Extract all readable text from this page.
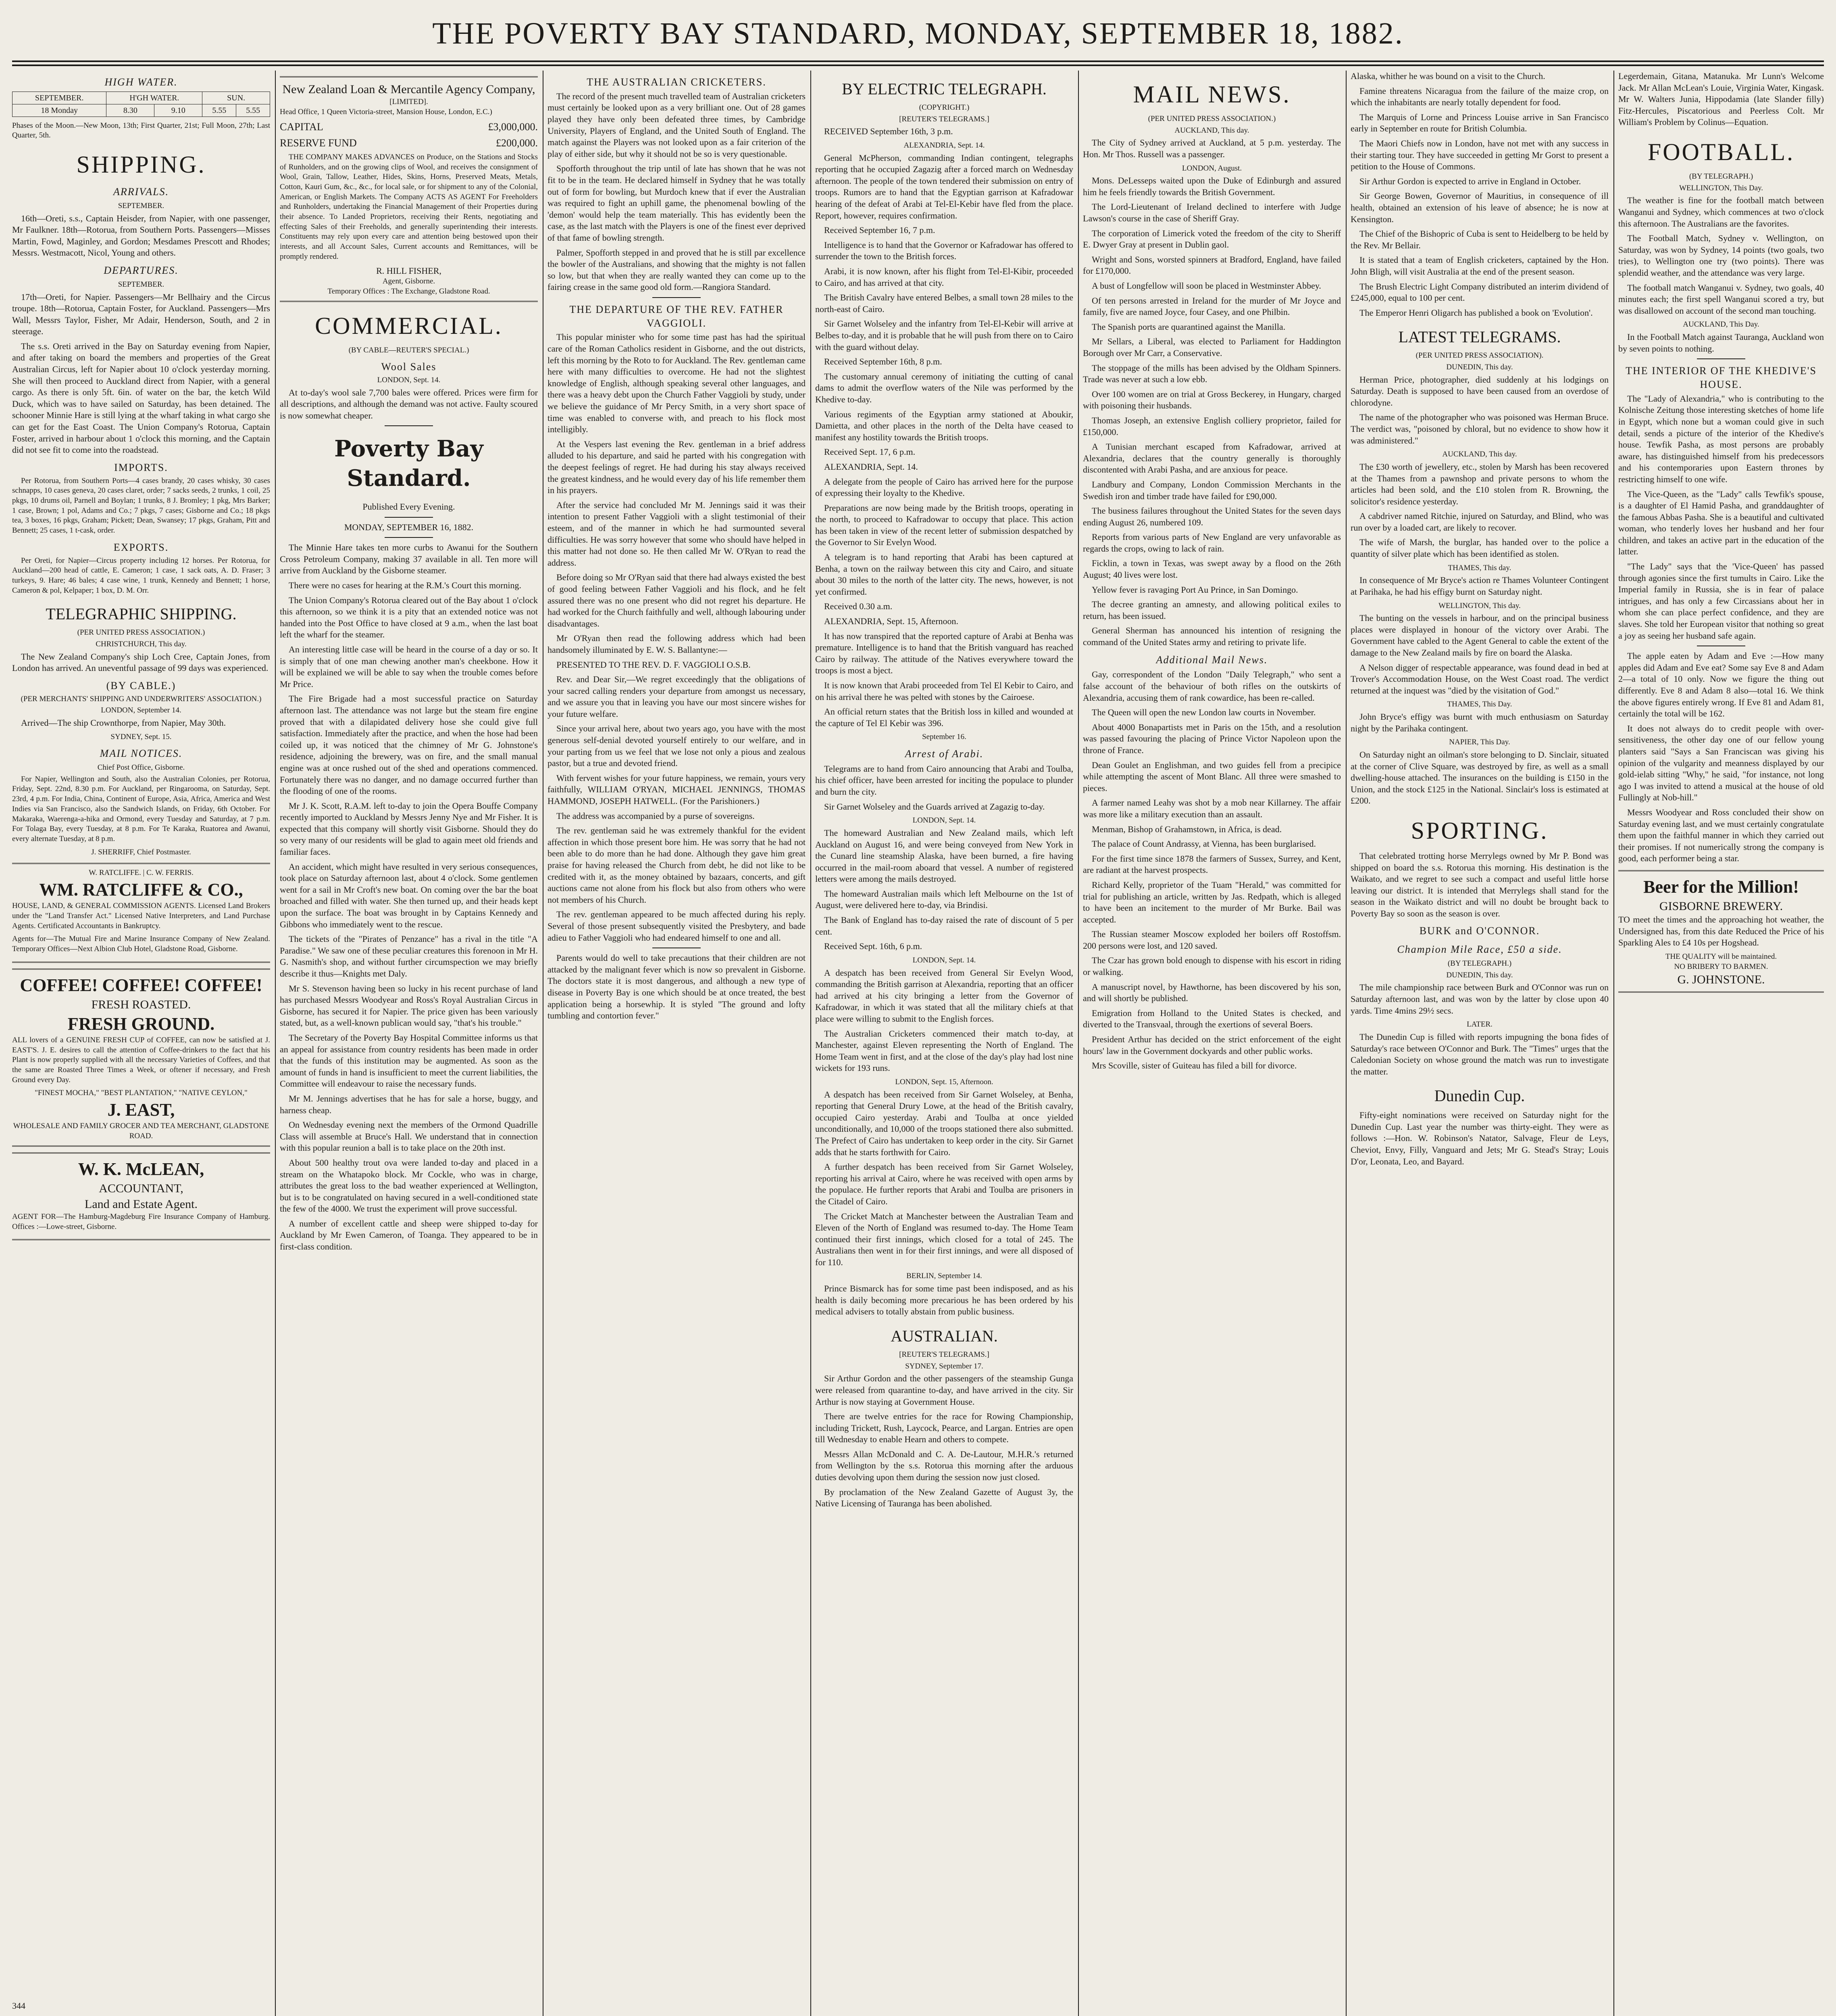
THE POVERTY BAY STANDARD, MONDAY, SEPTEMBER 18, 1882.
HIGH WATER.
SEPTEMBER.	H'GH WATER.		SUN.	
18 Monday	8.30	9.10	5.55	5.55

Phases of the Moon.—New Moon, 13th; First Quarter, 21st; Full Moon, 27th; Last Quarter, 5th.

SHIPPING.
ARRIVALS.
SEPTEMBER.

16th—Oreti, s.s., Captain Heisder, from Napier, with one passenger, Mr Faulkner. 18th—Rotorua, from Southern Ports. Passengers—Misses Martin, Fowd, Maginley, and Gordon; Mesdames Prescott and Rhodes; Messrs. Westmacott, Nicol, Young and others.

DEPARTURES.
SEPTEMBER.

17th—Oreti, for Napier. Passengers—Mr Bellhairy and the Circus troupe. 18th—Rotorua, Captain Foster, for Auckland. Passengers—Mrs Wall, Messrs Taylor, Fisher, Mr Adair, Henderson, South, and 2 in steerage.

The s.s. Oreti arrived in the Bay on Saturday evening from Napier, and after taking on board the members and properties of the Great Australian Circus, left for Napier about 10 o'clock yesterday morning. She will then proceed to Auckland direct from Napier, with a general cargo. As there is only 5ft. 6in. of water on the bar, the ketch Wild Duck, which was to have sailed on Saturday, has been detained. The schooner Minnie Hare is still lying at the wharf taking in what cargo she can get for the East Coast. The Union Company's Rotorua, Captain Foster, arrived in harbour about 1 o'clock this morning, and the Captain did not see fit to come into the roadstead.

IMPORTS.

Per Rotorua, from Southern Ports—4 cases brandy, 20 cases whisky, 30 cases schnapps, 10 cases geneva, 20 cases claret, order; 7 sacks seeds, 2 trunks, 1 coil, 25 pkgs, 10 drums oil, Parnell and Boylan; 1 trunks, 8 J. Bromley; 1 pkg, Mrs Barker; 1 case, Brown; 1 pol, Adams and Co.; 7 pkgs, 7 cases; Gisborne and Co.; 18 pkgs tea, 3 boxes, 16 pkgs, Graham; Pickett; Dean, Swansey; 17 pkgs, Graham, Pitt and Bennett; 25 cases, 1 t-cask, order.

EXPORTS.

Per Oreti, for Napier—Circus property including 12 horses. Per Rotorua, for Auckland—200 head of cattle, E. Cameron; 1 case, 1 sack oats, A. D. Fraser; 3 turkeys, 9. Hare; 46 bales; 4 case wine, 1 trunk, Kennedy and Bennett; 1 horse, Cameron & pol, Kelpaper; 1 box, D. M. Orr.

TELEGRAPHIC SHIPPING.
(PER UNITED PRESS ASSOCIATION.)
CHRISTCHURCH, This day.

The New Zealand Company's ship Loch Cree, Captain Jones, from London has arrived. An uneventful passage of 99 days was experienced.

(BY CABLE.)
(PER MERCHANTS' SHIPPING AND UNDERWRITERS' ASSOCIATION.)
LONDON, September 14.

Arrived—The ship Crownthorpe, from Napier, May 30th.

SYDNEY, Sept. 15.
MAIL NOTICES.
Chief Post Office, Gisborne.

For Napier, Wellington and South, also the Australian Colonies, per Rotorua, Friday, Sept. 22nd, 8.30 p.m. For Auckland, per Ringarooma, on Saturday, Sept. 23rd, 4 p.m. For India, China, Continent of Europe, Asia, Africa, America and West Indies via San Francisco, also the Sandwich Islands, on Friday, 6th October. For Makaraka, Waerenga-a-hika and Ormond, every Tuesday and Saturday, at 7 p.m. For Tolaga Bay, every Tuesday, at 8 p.m. For Te Karaka, Ruatorea and Awanui, every alternate Tuesday, at 8 p.m.

J. SHERRIFF, Chief Postmaster.
W. RATCLIFFE. | C. W. FERRIS.
WM. RATCLIFFE & CO.,

HOUSE, LAND, & GENERAL COMMISSION AGENTS. Licensed Land Brokers under the "Land Transfer Act." Licensed Native Interpreters, and Land Purchase Agents. Certificated Accountants in Bankruptcy.

Agents for—The Mutual Fire and Marine Insurance Company of New Zealand. Temporary Offices—Next Albion Club Hotel, Gladstone Road, Gisborne.

COFFEE! COFFEE! COFFEE!
FRESH ROASTED.
FRESH GROUND.

ALL lovers of a GENUINE FRESH CUP of COFFEE, can now be satisfied at J. EAST'S. J. E. desires to call the attention of Coffee-drinkers to the fact that his Plant is now properly supplied with all the necessary Varieties of Coffees, and that the same are Roasted Three Times a Week, or oftener if necessary, and Fresh Ground every Day.

"FINEST MOCHA," "BEST PLANTATION," "NATIVE CEYLON,"
J. EAST,
WHOLESALE AND FAMILY GROCER AND TEA MERCHANT, GLADSTONE ROAD.
W. K. McLEAN,
ACCOUNTANT,
Land and Estate Agent.

AGENT FOR—The Hamburg-Magdeburg Fire Insurance Company of Hamburg. Offices :—Lowe-street, Gisborne.

New Zealand Loan & Mercantile Agency Company,
[LIMITED].

Head Office, 1 Queen Victoria-street, Mansion House, London, E.C.)

CAPITAL	£3,000,000.
RESERVE FUND	£200,000.

THE COMPANY MAKES ADVANCES on Produce, on the Stations and Stocks of Runholders, and on the growing clips of Wool, and receives the consignment of Wool, Grain, Tallow, Leather, Hides, Skins, Horns, Preserved Meats, Metals, Cotton, Kauri Gum, &c., &c., for local sale, or for shipment to any of the Colonial, American, or English Markets. The Company ACTS AS AGENT For Freeholders and Runholders, undertaking the Financial Management of their Properties during their absence. To Landed Proprietors, receiving their Rents, negotiating and effecting Sales of their Freeholds, and generally superintending their interests. Constituents may rely upon every care and attention being bestowed upon their interests, and all Account Sales, Current accounts and Remittances, will be promptly rendered.

R. HILL FISHER,
Agent, Gisborne.
Temporary Offices : The Exchange, Gladstone Road.
COMMERCIAL.
(BY CABLE—REUTER'S SPECIAL.)
Wool Sales
LONDON, Sept. 14.

At to-day's wool sale 7,700 bales were offered. Prices were firm for all descriptions, and although the demand was not active. Faulty scoured is now somewhat cheaper.

Poverty Bay Standard.
Published Every Evening.
MONDAY, SEPTEMBER 16, 1882.

The Minnie Hare takes ten more curbs to Awanui for the Southern Cross Petroleum Company, making 37 available in all. Ten more will arrive from Auckland by the Gisborne steamer.

There were no cases for hearing at the R.M.'s Court this morning.

The Union Company's Rotorua cleared out of the Bay about 1 o'clock this afternoon, so we think it is a pity that an extended notice was not handed into the Post Office to have closed at 9 a.m., when the last boat left the wharf for the steamer.

An interesting little case will be heard in the course of a day or so. It is simply that of one man chewing another man's cheekbone. How it will be explained we will be able to say when the trouble comes before Mr Price.

The Fire Brigade had a most successful practice on Saturday afternoon last. The attendance was not large but the steam fire engine proved that with a dilapidated delivery hose she could give full satisfaction. Immediately after the practice, and when the hose had been coiled up, it was noticed that the chimney of Mr G. Johnstone's residence, adjoining the brewery, was on fire, and the small manual engine was at once rushed out of the shed and operations commenced. Fortunately there was no danger, and no damage occurred further than the flooding of one of the rooms.

Mr J. K. Scott, R.A.M. left to-day to join the Opera Bouffe Company recently imported to Auckland by Messrs Jenny Nye and Mr Fisher. It is expected that this company will shortly visit Gisborne. Should they do so very many of our residents will be glad to again meet old friends and familiar faces.

An accident, which might have resulted in very serious consequences, took place on Saturday afternoon last, about 4 o'clock. Some gentlemen went for a sail in Mr Croft's new boat. On coming over the bar the boat broached and filled with water. She then turned up, and their heads kept upon the surface. The boat was brought in by Captains Kennedy and Gibbons who immediately went to the rescue.

The tickets of the "Pirates of Penzance" has a rival in the title "A Paradise." We saw one of these peculiar creatures this forenoon in Mr H. G. Nasmith's shop, and without further circumspection we may briefly describe it thus—Knights met Daly.

Mr S. Stevenson having been so lucky in his recent purchase of land has purchased Messrs Woodyear and Ross's Royal Australian Circus in Gisborne, has secured it for Napier. The price given has been variously stated, but, as a well-known publican would say, "that's his trouble."

The Secretary of the Poverty Bay Hospital Committee informs us that an appeal for assistance from country residents has been made in order that the funds of this institution may be augmented. As soon as the amount of funds in hand is insufficient to meet the current liabilities, the Committee will endeavour to raise the necessary funds.

Mr M. Jennings advertises that he has for sale a horse, buggy, and harness cheap.

On Wednesday evening next the members of the Ormond Quadrille Class will assemble at Bruce's Hall. We understand that in connection with this popular reunion a ball is to take place on the 20th inst.

About 500 healthy trout ova were landed to-day and placed in a stream on the Whatapoko block. Mr Cockle, who was in charge, attributes the great loss to the bad weather experienced at Wellington, but is to be congratulated on having secured in a well-conditioned state the few of the 4000. We trust the experiment will prove successful.

A number of excellent cattle and sheep were shipped to-day for Auckland by Mr Ewen Cameron, of Toanga. They appeared to be in first-class condition.

THE AUSTRALIAN CRICKETERS.

The record of the present much travelled team of Australian cricketers must certainly be looked upon as a very brilliant one. Out of 28 games played they have only been defeated three times, by Cambridge University, Players of England, and the United South of England. The match against the Players was not looked upon as a fair criterion of the play of either side, but why it should not be so is very questionable.

Spofforth throughout the trip until of late has shown that he was not fit to be in the team. He declared himself in Sydney that he was totally out of form for bowling, but Murdoch knew that if ever the Australian was required to fight an uphill game, the phenomenal bowling of the 'demon' would help the team materially. This has evidently been the case, as the last match with the Players is one of the finest ever deprived of that fame of bowling strength.

Palmer, Spofforth stepped in and proved that he is still par excellence the bowler of the Australians, and showing that the mighty is not fallen so low, but that when they are really wanted they can come up to the fairing crease in the same good old form.—Rangiora Standard.

THE DEPARTURE OF THE REV. FATHER VAGGIOLI.

This popular minister who for some time past has had the spiritual care of the Roman Catholics resident in Gisborne, and the out districts, left this morning by the Roto to for Auckland. The Rev. gentleman came here with many difficulties to overcome. He had not the slightest knowledge of English, although speaking several other languages, and there was a heavy debt upon the Church Father Vaggioli by study, under we believe the guidance of Mr Percy Smith, in a very short space of time was enabled to converse with, and preach to his flock most intelligibly.

At the Vespers last evening the Rev. gentleman in a brief address alluded to his departure, and said he parted with his congregation with the deepest feelings of regret. He had during his stay always received the greatest kindness, and he would every day of his life remember them in his prayers.

After the service had concluded Mr M. Jennings said it was their intention to present Father Vaggioli with a slight testimonial of their esteem, and of the manner in which he had surmounted several difficulties. He was sorry however that some who should have helped in this matter had not done so. He then called Mr W. O'Ryan to read the address.

Before doing so Mr O'Ryan said that there had always existed the best of good feeling between Father Vaggioli and his flock, and he felt assured there was no one present who did not regret his departure. He had worked for the Church faithfully and well, although labouring under disadvantages.

Mr O'Ryan then read the following address which had been handsomely illuminated by E. W. S. Ballantyne:—

PRESENTED TO THE REV. D. F. VAGGIOLI O.S.B.

Rev. and Dear Sir,—We regret exceedingly that the obligations of your sacred calling renders your departure from amongst us necessary, and we assure you that in leaving you have our most sincere wishes for your future welfare.

Since your arrival here, about two years ago, you have with the most generous self-denial devoted yourself entirely to our welfare, and in your parting from us we feel that we lose not only a pious and zealous pastor, but a true and devoted friend.

With fervent wishes for your future happiness, we remain, yours very faithfully, WILLIAM O'RYAN, MICHAEL JENNINGS, THOMAS HAMMOND, JOSEPH HATWELL. (For the Parishioners.)

The address was accompanied by a purse of sovereigns.

The rev. gentleman said he was extremely thankful for the evident affection in which those present bore him. He was sorry that he had not been able to do more than he had done. Although they gave him great praise for having released the Church from debt, he did not like to be credited with it, as the money obtained by bazaars, concerts, and gift auctions came not alone from his flock but also from others who were not members of his Church.

The rev. gentleman appeared to be much affected during his reply. Several of those present subsequently visited the Presbytery, and bade adieu to Father Vaggioli who had endeared himself to one and all.

Parents would do well to take precautions that their children are not attacked by the malignant fever which is now so prevalent in Gisborne. The doctors state it is most dangerous, and although a new type of disease in Poverty Bay is one which should be at once treated, the best application being a horsewhip. It is styled "The ground and lofty tumbling and contortion fever."

BY ELECTRIC TELEGRAPH.
(COPYRIGHT.)
[REUTER'S TELEGRAMS.]

RECEIVED September 16th, 3 p.m.

ALEXANDRIA, Sept. 14.

General McPherson, commanding Indian contingent, telegraphs reporting that he occupied Zagazig after a forced march on Wednesday afternoon. The people of the town tendered their submission on entry of troops. Rumors are to hand that the Egyptian garrison at Kafradowar hearing of the defeat of Arabi at Tel-El-Kebir have fled from the place. Report, however, requires confirmation.

Received September 16, 7 p.m.

Intelligence is to hand that the Governor or Kafradowar has offered to surrender the town to the British forces.

Arabi, it is now known, after his flight from Tel-El-Kibir, proceeded to Cairo, and has arrived at that city.

The British Cavalry have entered Belbes, a small town 28 miles to the north-east of Cairo.

Sir Garnet Wolseley and the infantry from Tel-El-Kebir will arrive at Belbes to-day, and it is probable that he will push from there on to Cairo with the guard without delay.

Received September 16th, 8 p.m.

The customary annual ceremony of initiating the cutting of canal dams to admit the overflow waters of the Nile was performed by the Khedive to-day.

Various regiments of the Egyptian army stationed at Aboukir, Damietta, and other places in the north of the Delta have ceased to manifest any hostility towards the British troops.

Received Sept. 17, 6 p.m.

ALEXANDRIA, Sept. 14.

A delegate from the people of Cairo has arrived here for the purpose of expressing their loyalty to the Khedive.

Preparations are now being made by the British troops, operating in the north, to proceed to Kafradowar to occupy that place. This action has been taken in view of the recent letter of submission despatched by the Governor to Sir Evelyn Wood.

A telegram is to hand reporting that Arabi has been captured at Benha, a town on the railway between this city and Cairo, and situate about 30 miles to the north of the latter city. The news, however, is not yet confirmed.

Received 0.30 a.m.

ALEXANDRIA, Sept. 15, Afternoon.

It has now transpired that the reported capture of Arabi at Benha was premature. Intelligence is to hand that the British vanguard has reached Cairo by railway. The attitude of the Natives everywhere toward the troops is most a bject.

It is now known that Arabi proceeded from Tel El Kebir to Cairo, and on his arrival there he was pelted with stones by the Cairoese.

An official return states that the British loss in killed and wounded at the capture of Tel El Kebir was 396.

September 16.
Arrest of Arabi.

Telegrams are to hand from Cairo announcing that Arabi and Toulba, his chief officer, have been arrested for inciting the populace to plunder and burn the city.

Sir Garnet Wolseley and the Guards arrived at Zagazig to-day.

LONDON, Sept. 14.

The homeward Australian and New Zealand mails, which left Auckland on August 16, and were being conveyed from New York in the Cunard line steamship Alaska, have been burned, a fire having occurred in the mail-room aboard that vessel. A number of registered letters were among the mails destroyed.

The homeward Australian mails which left Melbourne on the 1st of August, were delivered here to-day, via Brindisi.

The Bank of England has to-day raised the rate of discount of 5 per cent.

Received Sept. 16th, 6 p.m.

LONDON, Sept. 14.

A despatch has been received from General Sir Evelyn Wood, commanding the British garrison at Alexandria, reporting that an officer had arrived at his city bringing a letter from the Governor of Kafradowar, in which it was stated that all the military chiefs at that place were willing to submit to the English forces.

The Australian Cricketers commenced their match to-day, at Manchester, against Eleven representing the North of England. The Home Team went in first, and at the close of the day's play had lost nine wickets for 193 runs.

LONDON, Sept. 15, Afternoon.

A despatch has been received from Sir Garnet Wolseley, at Benha, reporting that General Drury Lowe, at the head of the British cavalry, occupied Cairo yesterday. Arabi and Toulba at once yielded unconditionally, and 10,000 of the troops stationed there also submitted. The Prefect of Cairo has undertaken to keep order in the city. Sir Garnet adds that he starts forthwith for Cairo.

A further despatch has been received from Sir Garnet Wolseley, reporting his arrival at Cairo, where he was received with open arms by the populace. He further reports that Arabi and Toulba are prisoners in the Citadel of Cairo.

The Cricket Match at Manchester between the Australian Team and Eleven of the North of England was resumed to-day. The Home Team continued their first innings, which closed for a total of 245. The Australians then went in for their first innings, and were all disposed of for 110.

BERLIN, September 14.

Prince Bismarck has for some time past been indisposed, and as his health is daily becoming more precarious he has been ordered by his medical advisers to totally abstain from public business.

AUSTRALIAN.
[REUTER'S TELEGRAMS.]
SYDNEY, September 17.

Sir Arthur Gordon and the other passengers of the steamship Gunga were released from quarantine to-day, and have arrived in the city. Sir Arthur is now staying at Government House.

There are twelve entries for the race for Rowing Championship, including Trickett, Rush, Laycock, Pearce, and Largan. Entries are open till Wednesday to enable Hearn and others to compete.

Messrs Allan McDonald and C. A. De-Lautour, M.H.R.'s returned from Wellington by the s.s. Rotorua this morning after the arduous duties devolving upon them during the session now just closed.

By proclamation of the New Zealand Gazette of August 3y, the Native Licensing of Tauranga has been abolished.

MAIL NEWS.
(PER UNITED PRESS ASSOCIATION.)
AUCKLAND, This day.

The City of Sydney arrived at Auckland, at 5 p.m. yesterday. The Hon. Mr Thos. Russell was a passenger.

LONDON, August.

Mons. DeLesseps waited upon the Duke of Edinburgh and assured him he feels friendly towards the British Government.

The Lord-Lieutenant of Ireland declined to interfere with Judge Lawson's course in the case of Sheriff Gray.

The corporation of Limerick voted the freedom of the city to Sheriff E. Dwyer Gray at present in Dublin gaol.

Wright and Sons, worsted spinners at Bradford, England, have failed for £170,000.

A bust of Longfellow will soon be placed in Westminster Abbey.

Of ten persons arrested in Ireland for the murder of Mr Joyce and family, five are named Joyce, four Casey, and one Philbin.

The Spanish ports are quarantined against the Manilla.

Mr Sellars, a Liberal, was elected to Parliament for Haddington Borough over Mr Carr, a Conservative.

The stoppage of the mills has been advised by the Oldham Spinners. Trade was never at such a low ebb.

Over 100 women are on trial at Gross Beckerey, in Hungary, charged with poisoning their husbands.

Thomas Joseph, an extensive English colliery proprietor, failed for £150,000.

A Tunisian merchant escaped from Kafradowar, arrived at Alexandria, declares that the country generally is thoroughly discontented with Arabi Pasha, and are anxious for peace.

Landbury and Company, London Commission Merchants in the Swedish iron and timber trade have failed for £90,000.

The business failures throughout the United States for the seven days ending August 26, numbered 109.

Reports from various parts of New England are very unfavorable as regards the crops, owing to lack of rain.

Ficklin, a town in Texas, was swept away by a flood on the 26th August; 40 lives were lost.

Yellow fever is ravaging Port Au Prince, in San Domingo.

The decree granting an amnesty, and allowing political exiles to return, has been issued.

General Sherman has announced his intention of resigning the command of the United States army and retiring to private life.

Additional Mail News.

Gay, correspondent of the London "Daily Telegraph," who sent a false account of the behaviour of both rifles on the outskirts of Alexandria, accusing them of rank cowardice, has been re-called.

The Queen will open the new London law courts in November.

About 4000 Bonapartists met in Paris on the 15th, and a resolution was passed favouring the placing of Prince Victor Napoleon upon the throne of France.

Dean Goulet an Englishman, and two guides fell from a precipice while attempting the ascent of Mont Blanc. All three were smashed to pieces.

A farmer named Leahy was shot by a mob near Killarney. The affair was more like a military execution than an assault.

Menman, Bishop of Grahamstown, in Africa, is dead.

The palace of Count Andrassy, at Vienna, has been burglarised.

For the first time since 1878 the farmers of Sussex, Surrey, and Kent, are radiant at the harvest prospects.

Richard Kelly, proprietor of the Tuam "Herald," was committed for trial for publishing an article, written by Jas. Redpath, which is alleged to have been an incitement to the murder of Mr Burke. Bail was accepted.

The Russian steamer Moscow exploded her boilers off Rostoffsm. 200 persons were lost, and 120 saved.

The Czar has grown bold enough to dispense with his escort in riding or walking.

A manuscript novel, by Hawthorne, has been discovered by his son, and will shortly be published.

Emigration from Holland to the United States is checked, and diverted to the Transvaal, through the exertions of several Boers.

President Arthur has decided on the strict enforcement of the eight hours' law in the Government dockyards and other public works.

Mrs Scoville, sister of Guiteau has filed a bill for divorce.

Alaska, whither he was bound on a visit to the Church.

Famine threatens Nicaragua from the failure of the maize crop, on which the inhabitants are nearly totally dependent for food.

The Marquis of Lorne and Princess Louise arrive in San Francisco early in September en route for British Columbia.

The Maori Chiefs now in London, have not met with any success in their starting tour. They have succeeded in getting Mr Gorst to present a petition to the House of Commons.

Sir Arthur Gordon is expected to arrive in England in October.

Sir George Bowen, Governor of Mauritius, in consequence of ill health, obtained an extension of his leave of absence; he is now at Kensington.

The Chief of the Bishopric of Cuba is sent to Heidelberg to be held by the Rev. Mr Bellair.

It is stated that a team of English cricketers, captained by the Hon. John Bligh, will visit Australia at the end of the present season.

The Brush Electric Light Company distributed an interim dividend of £245,000, equal to 100 per cent.

The Emperor Henri Oligarch has published a book on 'Evolution'.

LATEST TELEGRAMS.
(PER UNITED PRESS ASSOCIATION).
DUNEDIN, This day.

Herman Price, photographer, died suddenly at his lodgings on Saturday. Death is supposed to have been caused from an overdose of chlorodyne.

The name of the photographer who was poisoned was Herman Bruce. The verdict was, "poisoned by chloral, but no evidence to show how it was administered."

AUCKLAND, This day.

The £30 worth of jewellery, etc., stolen by Marsh has been recovered at the Thames from a pawnshop and private persons to whom the articles had been sold, and the £10 stolen from R. Browning, the solicitor's residence yesterday.

A cabdriver named Ritchie, injured on Saturday, and Blind, who was run over by a loaded cart, are likely to recover.

The wife of Marsh, the burglar, has handed over to the police a quantity of silver plate which has been identified as stolen.

THAMES, This day.

In consequence of Mr Bryce's action re Thames Volunteer Contingent at Parihaka, he had his effigy burnt on Saturday night.

WELLINGTON, This day.

The bunting on the vessels in harbour, and on the principal business places were displayed in honour of the victory over Arabi. The Government have cabled to the Agent General to cable the extent of the damage to the New Zealand mails by fire on board the Alaska.

A Nelson digger of respectable appearance, was found dead in bed at Trover's Accommodation House, on the West Coast road. The verdict returned at the inquest was "died by the visitation of God."

THAMES, This Day.

John Bryce's effigy was burnt with much enthusiasm on Saturday night by the Parihaka contingent.

NAPIER, This Day.

On Saturday night an oilman's store belonging to D. Sinclair, situated at the corner of Clive Square, was destroyed by fire, as well as a small dwelling-house attached. The insurances on the building is £150 in the Union, and the stock £125 in the National. Sinclair's loss is estimated at £200.

SPORTING.

That celebrated trotting horse Merrylegs owned by Mr P. Bond was shipped on board the s.s. Rotorua this morning. His destination is the Waikato, and we regret to see such a compact and useful little horse leaving our district. It is intended that Merrylegs shall stand for the season in the Waikato district and will no doubt be brought back to Poverty Bay so soon as the season is over.

BURK and O'CONNOR.
Champion Mile Race, £50 a side.
(BY TELEGRAPH.)
DUNEDIN, This day.

The mile championship race between Burk and O'Connor was run on Saturday afternoon last, and was won by the latter by close upon 40 yards. Time 4mins 29½ secs.

LATER.

The Dunedin Cup is filled with reports impugning the bona fides of Saturday's race between O'Connor and Burk. The "Times" urges that the Caledonian Society on whose ground the match was run to investigate the matter.

Dunedin Cup.

Fifty-eight nominations were received on Saturday night for the Dunedin Cup. Last year the number was thirty-eight. They were as follows :—Hon. W. Robinson's Natator, Salvage, Fleur de Leys, Cheviot, Envy, Filly, Vanguard and Jets; Mr G. Stead's Stray; Louis D'or, Leonata, Leo, and Bayard.

Legerdemain, Gitana, Matanuka. Mr Lunn's Welcome Jack. Mr Allan McLean's Louie, Virginia Water, Kingask. Mr W. Walters Junia, Hippodamia (late Slander filly) Fitz-Hercules, Piscatorious and Peerless Colt. Mr William's Problem by Colinus—Equation.

FOOTBALL.
(BY TELEGRAPH.)
WELLINGTON, This Day.

The weather is fine for the football match between Wanganui and Sydney, which commences at two o'clock this afternoon. The Australians are the favorites.

The Football Match, Sydney v. Wellington, on Saturday, was won by Sydney, 14 points (two goals, two tries), to Wellington one try (two points). There was splendid weather, and the attendance was very large.

The football match Wanganui v. Sydney, two goals, 40 minutes each; the first spell Wanganui scored a try, but was disallowed on account of the second man touching.

AUCKLAND, This Day.

In the Football Match against Tauranga, Auckland won by seven points to nothing.

THE INTERIOR OF THE KHEDIVE'S HOUSE.

The "Lady of Alexandria," who is contributing to the Kolnische Zeitung those interesting sketches of home life in Egypt, which none but a woman could give in such detail, sends a picture of the interior of the Khedive's house. Tewfik Pasha, as most persons are probably aware, has distinguished himself from his predecessors and his contemporaries upon Eastern thrones by restricting himself to one wife.

The Vice-Queen, as the "Lady" calls Tewfik's spouse, is a daughter of El Hamid Pasha, and granddaughter of the famous Abbas Pasha. She is a beautiful and cultivated woman, who tenderly loves her husband and her four children, and takes an active part in the education of the latter.

"The Lady" says that the 'Vice-Queen' has passed through agonies since the first tumults in Cairo. Like the Imperial family in Russia, she is in fear of palace intrigues, and has only a few Circassians about her in whom she can place perfect confidence, and they are slaves. She told her European visitor that nothing so great a joy as seeing her husband safe again.

The apple eaten by Adam and Eve :—How many apples did Adam and Eve eat? Some say Eve 8 and Adam 2—a total of 10 only. Now we figure the thing out differently. Eve 8 and Adam 8 also—total 16. We think the above figures entirely wrong. If Eve 81 and Adam 81, certainly the total will be 162.

It does not always do to credit people with over-sensitiveness, the other day one of our fellow young planters said "Says a San Franciscan was giving his opinion of the vulgarity and meanness displayed by our gold-ielab sitting "Why," he said, "for instance, not long ago I was invited to attend a musical at the house of old Fullingly at Nob-hill."

Messrs Woodyear and Ross concluded their show on Saturday evening last, and we must certainly congratulate them upon the faithful manner in which they carried out their promises. If not numerically strong the company is good, each performer being a star.

Beer for the Million!
GISBORNE BREWERY.

TO meet the times and the approaching hot weather, the Undersigned has, from this date Reduced the Price of his Sparkling Ales to £4 10s per Hogshead.

THE QUALITY will be maintained.
NO BRIBERY TO BARMEN.
G. JOHNSTONE.
344
